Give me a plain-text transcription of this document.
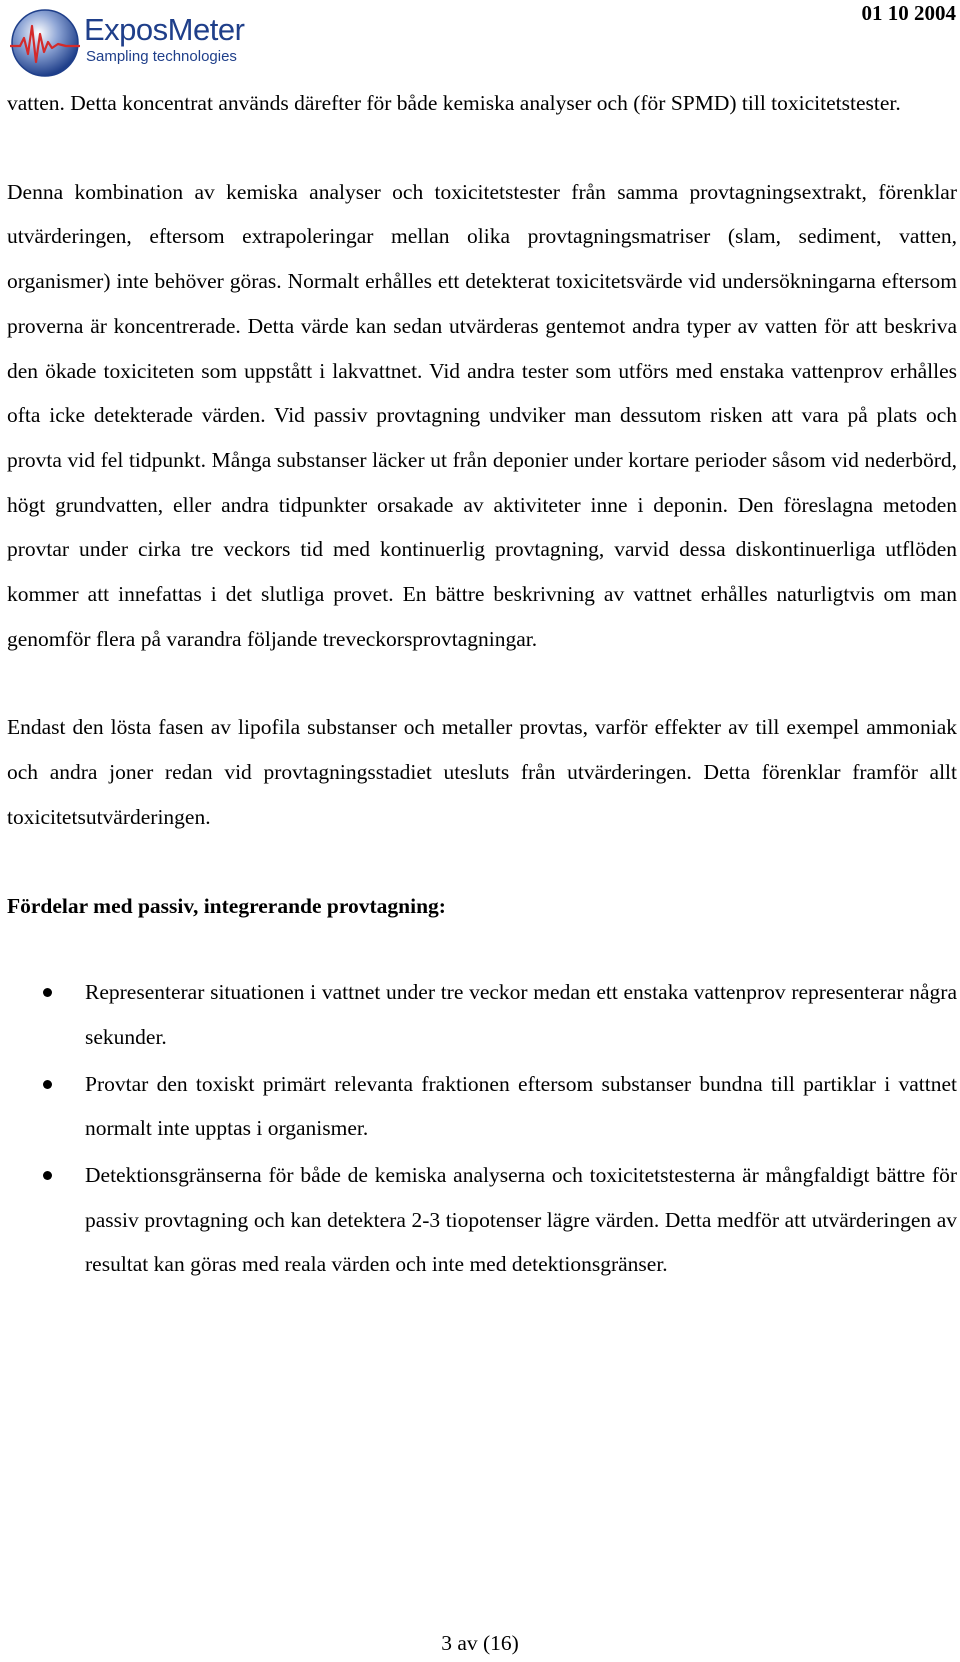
ExposMeter
Sampling technologies
01 10 2004

vatten. Detta koncentrat används därefter för både kemiska analyser och (för SPMD) till toxicitetstester.

Denna kombination av kemiska analyser och toxicitetstester från samma provtagningsextrakt, förenklar utvärderingen, eftersom extrapoleringar mellan olika provtagningsmatriser (slam, sediment, vatten, organismer) inte behöver göras. Normalt erhålles ett detekterat toxicitetsvärde vid undersökningarna eftersom proverna är koncentrerade. Detta värde kan sedan utvärderas gentemot andra typer av vatten för att beskriva den ökade toxiciteten som uppstått i lakvattnet. Vid andra tester som utförs med enstaka vattenprov erhålles ofta icke detekterade värden. Vid passiv provtagning undviker man dessutom risken att vara på plats och provta vid fel tidpunkt. Många substanser läcker ut från deponier under kortare perioder såsom vid nederbörd, högt grundvatten, eller andra tidpunkter orsakade av aktiviteter inne i deponin. Den föreslagna metoden provtar under cirka tre veckors tid med kontinuerlig provtagning, varvid dessa diskontinuerliga utflöden kommer att innefattas i det slutliga provet. En bättre beskrivning av vattnet erhålles naturligtvis om man genomför flera på varandra följande treveckorsprovtagningar.

Endast den lösta fasen av lipofila substanser och metaller provtas, varför effekter av till exempel ammoniak och andra joner redan vid provtagningsstadiet utesluts från utvärderingen. Detta förenklar framför allt toxicitetsutvärderingen.

Fördelar med passiv, integrerande provtagning:
Representerar situationen i vattnet under tre veckor medan ett enstaka vattenprov representerar några sekunder.
Provtar den toxiskt primärt relevanta fraktionen eftersom substanser bundna till partiklar i vattnet normalt inte upptas i organismer.
Detektionsgränserna för både de kemiska analyserna och toxicitetstesterna är mångfaldigt bättre för passiv provtagning och kan detektera 2-3 tiopotenser lägre värden. Detta medför att utvärderingen av resultat kan göras med reala värden och inte med detektionsgränser.
3 av (16)
